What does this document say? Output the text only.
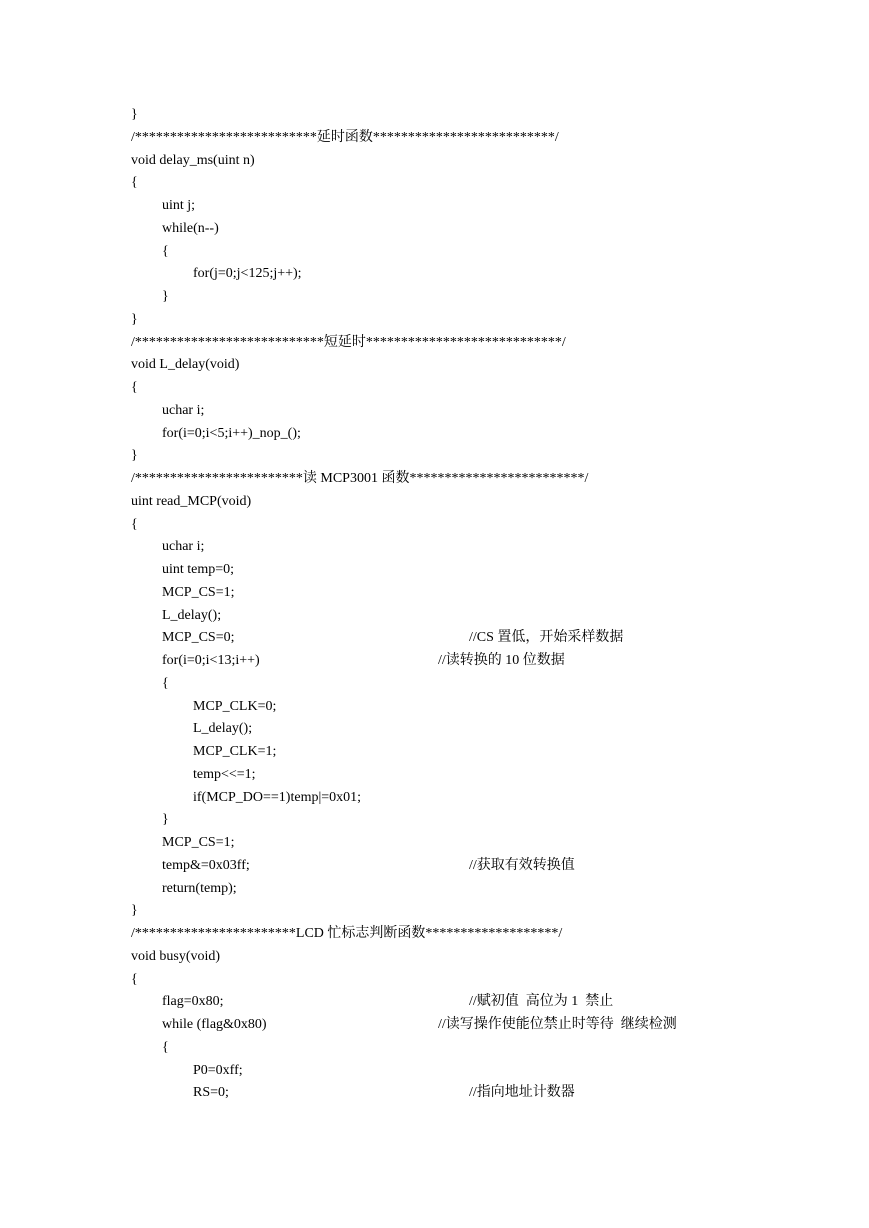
}
/**************************延时函数**************************/
void delay_ms(uint n)
{
uint j;
while(n--)
{
for(j=0;j<125;j++);
}
}
/***************************短延时****************************/
void L_delay(void)
{
uchar i;
for(i=0;i<5;i++)_nop_();
}
/************************读 MCP3001 函数*************************/
uint read_MCP(void)
{
uchar i;
uint temp=0;
MCP_CS=1;
L_delay();
MCP_CS=0;	//CS 置低，开始采样数据
for(i=0;i<13;i++)	//读转换的 10 位数据
{
MCP_CLK=0;
L_delay();
MCP_CLK=1;
temp<<=1;
if(MCP_DO==1)temp|=0x01;
}
MCP_CS=1;
temp&=0x03ff;	//获取有效转换值
return(temp);
}
/***********************LCD 忙标志判断函数*******************/
void busy(void)
{
flag=0x80;	//赋初值  高位为 1  禁止
while (flag&0x80)	//读写操作使能位禁止时等待  继续检测
{
P0=0xff;
RS=0;	//指向地址计数器
